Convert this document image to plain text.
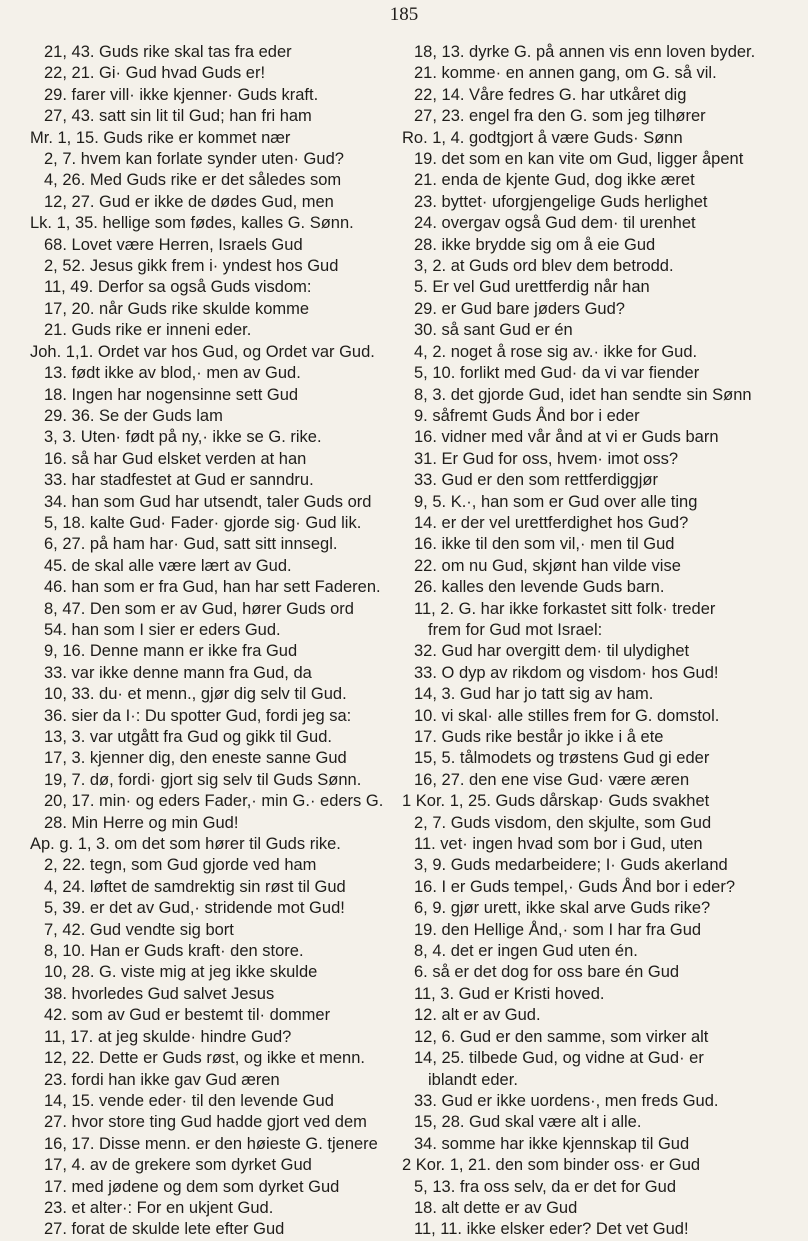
185
21, 43. Guds rike skal tas fra eder
22, 21. Gi· Gud hvad Guds er!
29. farer vill· ikke kjenner· Guds kraft.
27, 43. satt sin lit til Gud; han fri ham
Mr. 1, 15. Guds rike er kommet nær
2, 7. hvem kan forlate synder uten· Gud?
4, 26. Med Guds rike er det således som
12, 27. Gud er ikke de dødes Gud, men
Lk. 1, 35. hellige som fødes, kalles G. Sønn.
68. Lovet være Herren, Israels Gud
2, 52. Jesus gikk frem i· yndest hos Gud
11, 49. Derfor sa også Guds visdom:
17, 20. når Guds rike skulde komme
21. Guds rike er inneni eder.
Joh. 1,1. Ordet var hos Gud, og Ordet var Gud.
13. født ikke av blod,· men av Gud.
18. Ingen har nogensinne sett Gud
29. 36. Se der Guds lam
3, 3. Uten· født på ny,· ikke se G. rike.
16. så har Gud elsket verden at han
33. har stadfestet at Gud er sanndru.
34. han som Gud har utsendt, taler Guds ord
5, 18. kalte Gud· Fader· gjorde sig· Gud lik.
6, 27. på ham har· Gud, satt sitt innsegl.
45. de skal alle være lært av Gud.
46. han som er fra Gud, han har sett Faderen.
8, 47. Den som er av Gud, hører Guds ord
54. han som I sier er eders Gud.
9, 16. Denne mann er ikke fra Gud
33. var ikke denne mann fra Gud, da
10, 33. du· et menn., gjør dig selv til Gud.
36. sier da I·: Du spotter Gud, fordi jeg sa:
13, 3. var utgått fra Gud og gikk til Gud.
17, 3. kjenner dig, den eneste sanne Gud
19, 7. dø, fordi· gjort sig selv til Guds Sønn.
20, 17. min· og eders Fader,· min G.· eders G.
28. Min Herre og min Gud!
Ap. g. 1, 3. om det som hører til Guds rike.
2, 22. tegn, som Gud gjorde ved ham
4, 24. løftet de samdrektig sin røst til Gud
5, 39. er det av Gud,· stridende mot Gud!
7, 42. Gud vendte sig bort
8, 10. Han er Guds kraft· den store.
10, 28. G. viste mig at jeg ikke skulde
38. hvorledes Gud salvet Jesus
42. som av Gud er bestemt til· dommer
11, 17. at jeg skulde· hindre Gud?
12, 22. Dette er Guds røst, og ikke et menn.
23. fordi han ikke gav Gud æren
14, 15. vende eder· til den levende Gud
27. hvor store ting Gud hadde gjort ved dem
16, 17. Disse menn. er den høieste G. tjenere
17, 4. av de grekere som dyrket Gud
17. med jødene og dem som dyrket Gud
23. et alter·: For en ukjent Gud.
27. forat de skulde lete efter Gud
18, 13. dyrke G. på annen vis enn loven byder.
21. komme· en annen gang, om G. så vil.
22, 14. Våre fedres G. har utkåret dig
27, 23. engel fra den G. som jeg tilhører
Ro. 1, 4. godtgjort å være Guds· Sønn
19. det som en kan vite om Gud, ligger åpent
21. enda de kjente Gud, dog ikke æret
23. byttet· uforgjengelige Guds herlighet
24. overgav også Gud dem· til urenhet
28. ikke brydde sig om å eie Gud
3, 2. at Guds ord blev dem betrodd.
5. Er vel Gud urettferdig når han
29. er Gud bare jøders Gud?
30. så sant Gud er én
4, 2. noget å rose sig av.· ikke for Gud.
5, 10. forlikt med Gud· da vi var fiender
8, 3. det gjorde Gud, idet han sendte sin Sønn
9. såfremt Guds Ånd bor i eder
16. vidner med vår ånd at vi er Guds barn
31. Er Gud for oss, hvem· imot oss?
33. Gud er den som rettferdiggjør
9, 5. K.·, han som er Gud over alle ting
14. er der vel urettferdighet hos Gud?
16. ikke til den som vil,· men til Gud
22. om nu Gud, skjønt han vilde vise
26. kalles den levende Guds barn.
11, 2. G. har ikke forkastet sitt folk· treder
frem for Gud mot Israel:
32. Gud har overgitt dem· til ulydighet
33. O dyp av rikdom og visdom· hos Gud!
14, 3. Gud har jo tatt sig av ham.
10. vi skal· alle stilles frem for G. domstol.
17. Guds rike består jo ikke i å ete
15, 5. tålmodets og trøstens Gud gi eder
16, 27. den ene vise Gud· være æren
1 Kor. 1, 25. Guds dårskap· Guds svakhet
2, 7. Guds visdom, den skjulte, som Gud
11. vet· ingen hvad som bor i Gud, uten
3, 9. Guds medarbeidere; I· Guds akerland
16. I er Guds tempel,· Guds Ånd bor i eder?
6, 9. gjør urett, ikke skal arve Guds rike?
19. den Hellige Ånd,· som I har fra Gud
8, 4. det er ingen Gud uten én.
6. så er det dog for oss bare én Gud
11, 3. Gud er Kristi hoved.
12. alt er av Gud.
12, 6. Gud er den samme, som virker alt
14, 25. tilbede Gud, og vidne at Gud· er
iblandt eder.
33. Gud er ikke uordens·, men freds Gud.
15, 28. Gud skal være alt i alle.
34. somme har ikke kjennskap til Gud
2 Kor. 1, 21. den som binder oss· er Gud
5, 13. fra oss selv, da er det for Gud
18. alt dette er av Gud
11, 11. ikke elsker eder? Det vet Gud!
